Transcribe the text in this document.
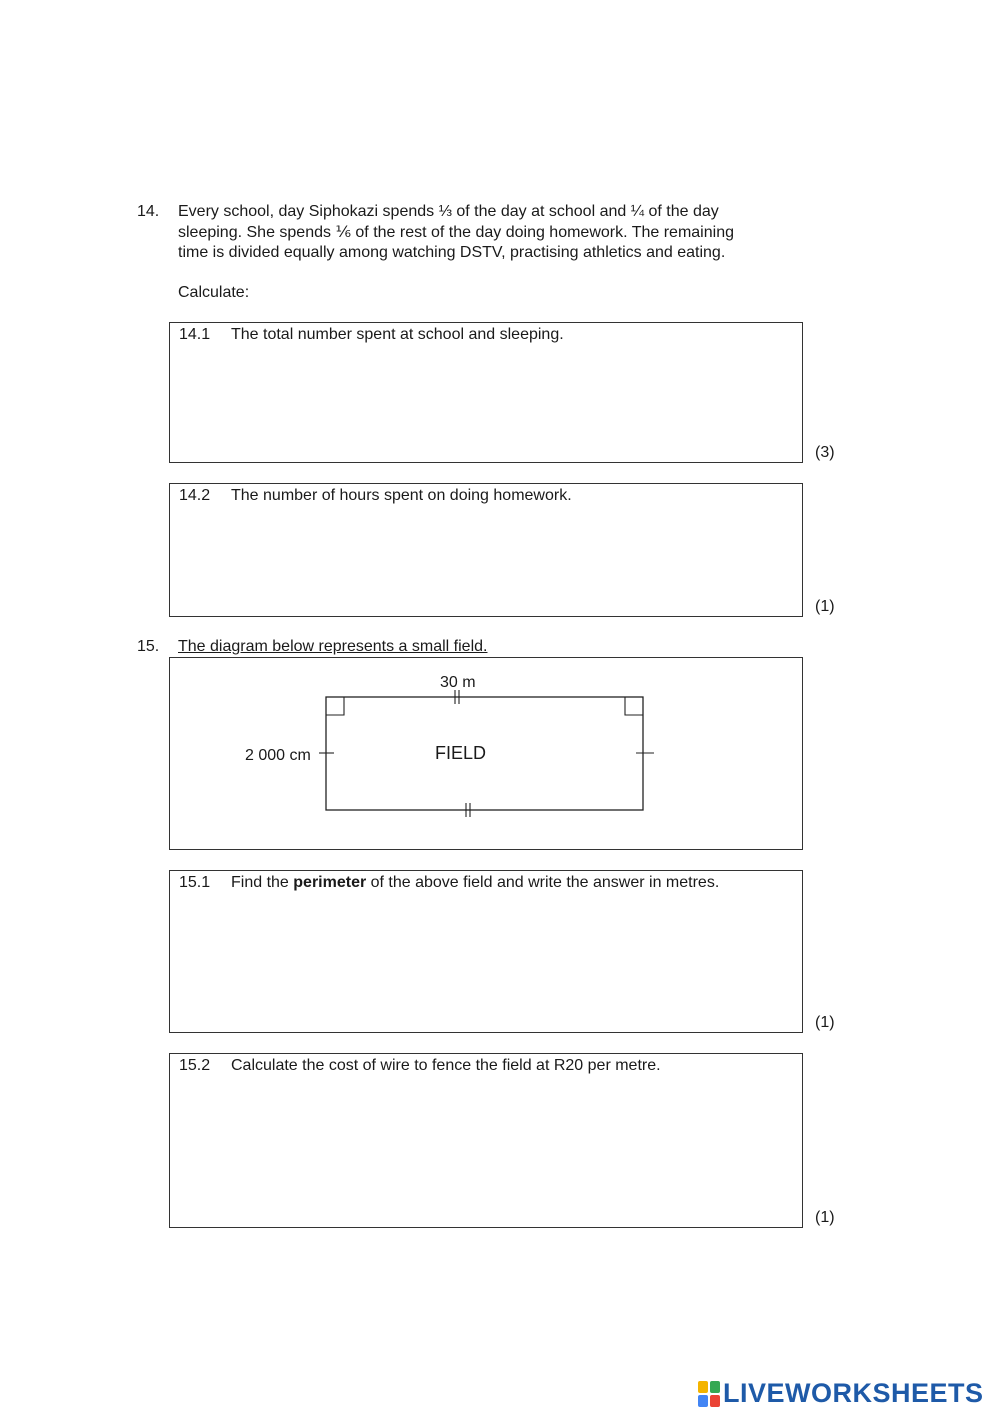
14. Every school, day Siphokazi spends ⅓ of the day at school and ¼ of the day
sleeping. She spends ⅙ of the rest of the day doing homework. The remaining
time is divided equally among watching DSTV, practising athletics and eating.
Calculate:
14.1 The total number spent at school and sleeping.
(3)
14.2 The number of hours spent on doing homework.
(1)
15. The diagram below represents a small field.
30 m
2 000 cm	FIELD
15.1 Find the perimeter of the above field and write the answer in metres.
(1)
15.2 Calculate the cost of wire to fence the field at R20 per metre.
(1)
LIVEWORKSHEETS
